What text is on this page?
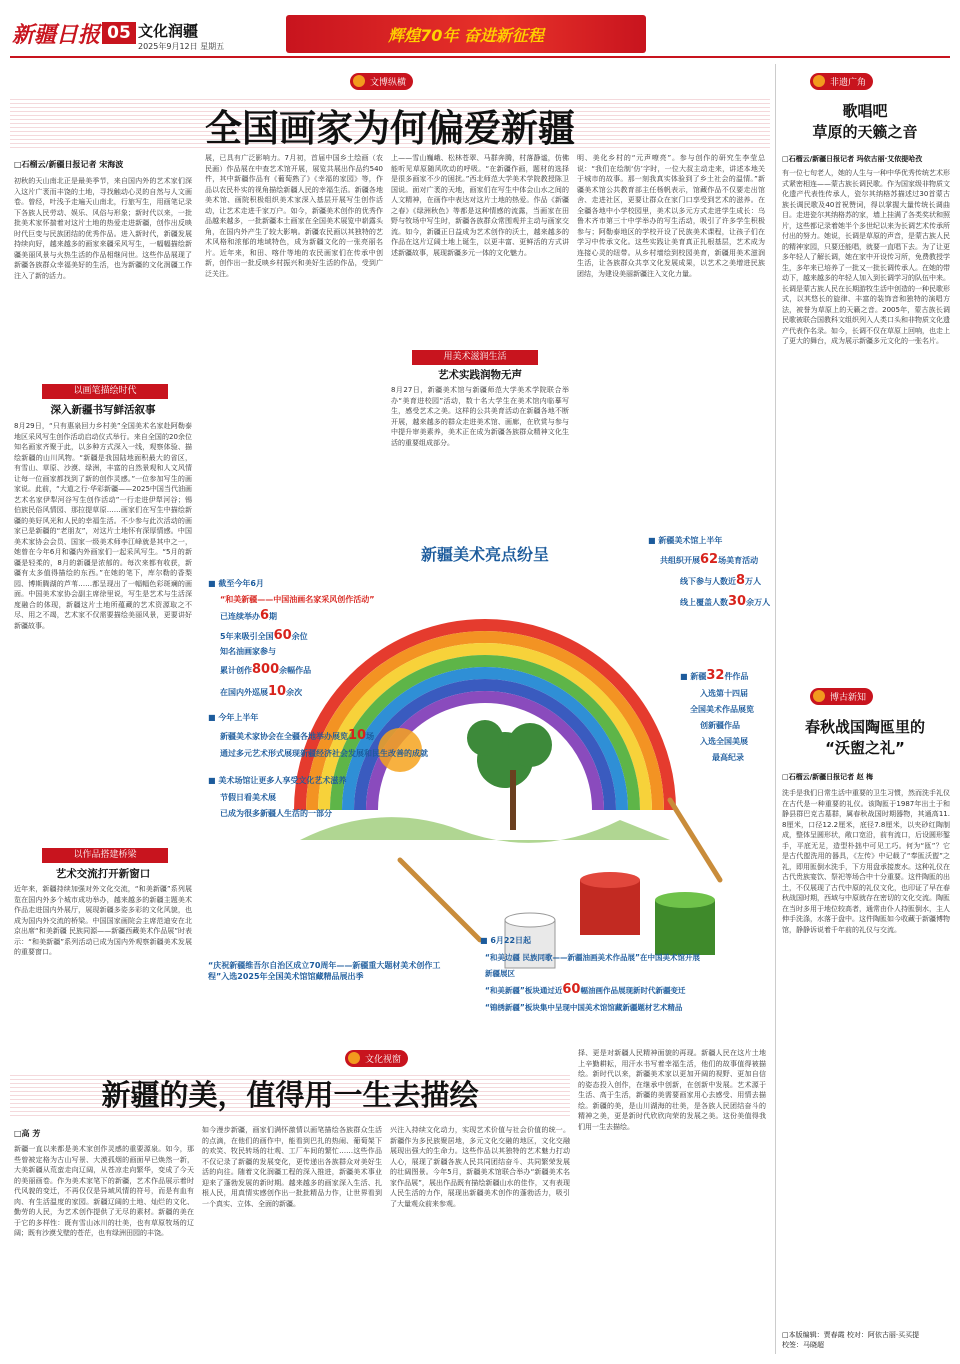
新疆日报 05 文化润疆
2025年9月12日 星期五
辉煌70年 奋进新征程
文博纵横
全国画家为何偏爱新疆
□石榴云/新疆日报记者 宋海波
初秋的天山南北正是最美季节，来自国内外的艺术家们深入这片广袤而丰饶的土地，寻找触动心灵的自然与人文画卷。曾经，叶浅予走遍天山南北，行旅写生，用画笔记录下各族人民劳动、娱乐、风俗与形象；新时代以来，一批批美术家怀揣着对这片土地的热爱走进新疆，创作出反映时代巨变与民族团结的优秀作品。进入新时代，新疆发展持续向好，越来越多的画家来疆采风写生，一幅幅描绘新疆美丽风景与火热生活的作品相继问世。这些作品展现了新疆各族群众幸福美好的生活，也为新疆的文化润疆工作注入了新的活力。
以画笔描绘时代
深入新疆书写鲜活叙事
8月29日，“只有惠泉回力乡村美”全国美术名家赴阿勒泰地区采风写生创作活动启动仪式举行。来自全国的20余位知名画家齐聚于此，以多种方式深入一线，观察体验、描绘新疆的山川风物。“新疆是我国陆地面积最大的省区，有雪山、草原、沙漠、绿洲，丰富的自然景观和人文风情让每一位画家都找到了新的创作灵感。”一位参加写生的画家说。此前，“大道之行·华彩新疆——2025中国当代油画艺术名家伊犁河谷写生创作活动”一行走进伊犁河谷；锡伯族民俗风情园、那拉提草原……画家们在写生中描绘新疆的美好风光和人民的幸福生活。不少参与此次活动的画家已是新疆的“老朋友”，对这片土地怀有深厚情感。中国美术家协会会员、国家一级美术师李江峰就是其中之一，她曾在今年6月和疆内外画家们一起采风写生。“5月的新疆是轻柔的，8月的新疆是浓郁的。每次来都有收获，新疆有太多值得描绘的东西。”在她的笔下，库尔勒的香梨园、博斯腾湖的芦苇……都呈现出了一幅幅色彩斑斓的画面。中国美术家协会副主席徐里说，写生是艺术与生活深度融合的体现，新疆这片土地所蕴藏的艺术资源取之不尽、用之不竭，艺术家不仅需要描绘美丽风景，更要讲好新疆故事。
以作品搭建桥梁
艺术交流打开新窗口
近年来，新疆持续加强对外文化交流，“和美新疆”系列展览在国内外多个城市成功举办，越来越多的新疆主题美术作品走进国内外展厅，展现新疆多姿多彩的文化风貌，也成为国内外交流的桥梁。中国国家画院会主席范迪安在北京出席“和美新疆 民族同源——新疆西藏美术作品展”时表示：“和美新疆”系列活动已成为国内外观察新疆美术发展的重要窗口。
展，已具有广泛影响力。7月初，首届中国乡土绘画（农民画）作品展在中查艺术馆开展，展览共展出作品约540件，其中新疆作品有《葡萄熟了》《幸福的家园》等，作品以农民朴实的视角描绘新疆人民的幸福生活。新疆各地美术馆、画院积极组织美术家深入基层开展写生创作活动，让艺术走进千家万户。如今，新疆美术创作的优秀作品越来越多，一批新疆本土画家在全国美术展览中崭露头角，在国内外产生了较大影响。新疆农民画以其独特的艺术风格和浓郁的地域特色，成为新疆文化的一张亮丽名片。近年来，和田、喀什等地的农民画家们在传承中创新，创作出一批反映乡村振兴和美好生活的作品，受到广泛关注。
上——雪山巍峨、松林苍翠、马群奔腾，村落静谧，仿佛能听见草原随风吹动的呼吸。“在新疆作画，题材的选择是很多画家不少的困扰。”西北师范大学美术学院教授陈卫国说。面对广袤的天地，画家们在写生中体会山水之间的人文精神，在画作中表达对这片土地的热爱。作品《新疆之春》《绿洲秋色》等都是这种情感的流露，当画家在田野与牧场中写生时，新疆各族群众常围观并主动与画家交流。如今，新疆正日益成为艺术创作的沃土，越来越多的作品在这片辽阔土地上诞生，以更丰富、更鲜活的方式讲述新疆故事，展现新疆多元一体的文化魅力。
用美术滋润生活
艺术实践润物无声
8月27日，新疆美术馆与新疆师范大学美术学院联合举办“美育进校园”活动，数十名大学生在美术馆内临摹写生，感受艺术之美。这样的公共美育活动在新疆各地不断开展，越来越多的群众走进美术馆、画廊，在欣赏与参与中提升审美素养，美术正在成为新疆各族群众精神文化生活的重要组成部分。
明、美化乡村的“元声嘹亮”。参与创作的研究生李莹总说：“我们在绘制‘仿’字时，一位大叔主动走来，讲述本地关于城市的故事。那一刻我真实体验到了乡土社会的温情。”新疆美术馆公共教育部主任杨帆表示，馆藏作品不仅要走出馆舍、走进社区，更要让群众在家门口享受到艺术的滋养。在全疆各地中小学校园里，美术以多元方式走进学生成长：乌鲁木齐市第三十中学举办的写生活动，吸引了许多学生积极参与；阿勒泰地区的学校开设了民族美术课程，让孩子们在学习中传承文化。这些实践让美育真正扎根基层，艺术成为连接心灵的纽带。从乡村墙绘到校园美育，新疆用美术滋润生活，让各族群众共享文化发展成果，以艺术之美增进民族团结，为建设美丽新疆注入文化力量。
新疆美术亮点纷呈
■ 截至今年6月
“和美新疆——中国油画名家采风创作活动”
已连续举办6期
5年来吸引全国60余位
知名油画家参与
累计创作800余幅作品
在国内外巡展10余次
■ 今年上半年
新疆美术家协会在全疆各地举办展览10场
通过多元艺术形式展现新疆经济社会发展和民生改善的成就
■ 美术场馆让更多人享受文化艺术滋养
节假日看美术展
已成为很多新疆人生活的一部分
“庆祝新疆维吾尔自治区成立70周年——新疆重大题材美术创作工程”入选2025年全国美术馆馆藏精品展出季
■ 新疆美术馆上半年
共组织开展62场美育活动
线下参与人数近8万人
线上覆盖人数30余万人
■ 新疆32件作品
入选第十四届
全国美术作品展览
创新疆作品
入选全国美展
最高纪录
■ 6月22日起
“和美边疆 民族同歌——新疆油画美术作品展”在中国美术馆开展
新疆展区
“和美新疆”板块通过近60幅油画作品展现新时代新疆变迁
“锦绣新疆”板块集中呈现中国美术馆馆藏新疆题材艺术精品
文化视窗
新疆的美，值得用一生去描绘
□高 芳
新疆一直以来都是美术家创作灵感的重要源泉。如今，那些曾被定格为古山写景、大漠孤烟的画面早已焕然一新，大美新疆从荒蛮走向辽阔，从苍凉走向繁华，变成了今天的美丽画卷。作为美术家笔下的新疆，艺术作品展示着时代风貌的变迁，不再仅仅是异域风情的符号，而是有血有肉、有生活温度的家园。新疆辽阔的土地、灿烂的文化、勤劳的人民，为艺术创作提供了无尽的素材。新疆的美在于它的多样性：既有雪山冰川的壮美，也有草原牧场的辽阔；既有沙漠戈壁的苍茫，也有绿洲田园的丰饶。
如今漫步新疆，画家们满怀激情以画笔描绘各族群众生活的点滴，在他们的画作中，能看到巴扎的热闹、葡萄架下的欢笑、牧民转场的壮观、工厂车间的繁忙……这些作品不仅记录了新疆的发展变化，更传递出各族群众对美好生活的向往。随着文化润疆工程的深入推进，新疆美术事业迎来了蓬勃发展的新时期。越来越多的画家深入生活、扎根人民，用真情实感创作出一批批精品力作，让世界看到一个真实、立体、全面的新疆。
兴注入持续文化动力，实现艺术价值与社会价值的统一。新疆作为多民族聚居地，多元文化交融的地区，文化交融展现出强大的生命力。这些作品以其独特的艺术魅力打动人心，展现了新疆各族人民共同团结奋斗、共同繁荣发展的壮阔图景。今年5月，新疆美术馆联合举办“新疆美术名家作品展”，展出作品既有描绘新疆山水的佳作，又有表现人民生活的力作，展现出新疆美术创作的蓬勃活力，吸引了大量观众前来参观。
择、更是对新疆人民精神面貌的再现。新疆人民在这片土地上辛勤耕耘，用汗水书写着幸福生活，他们的故事值得被描绘。新时代以来，新疆美术家以更加开阔的视野、更加自信的姿态投入创作，在继承中创新，在创新中发展。艺术源于生活、高于生活，新疆的美需要画家用心去感受、用情去描绘。新疆的美，是山川湖海的壮美，是各族人民团结奋斗的精神之美，更是新时代欣欣向荣的发展之美。这份美值得我们用一生去描绘。
非遗广角
歌唱吧
草原的天籁之音
□石榴云/新疆日报记者 玛依古丽·艾依提哈孜
有一位七旬老人，她的人生与一种中华优秀传统艺术形式紧密相连——蒙古族长调民歌。作为国家级非物质文化遗产代表性传承人，瓷尔其纳格苏描述过30首蒙古族长调民歌及40首祝赞词，得以掌握大量传统长调曲目。走进瓷尔其纳格苏的家，墙上挂满了各类奖状和照片，这些都记录着她半个多世纪以来为长调艺术传承所付出的努力。她说，长调是草原的声音，是蒙古族人民的精神家园，只要还能唱，就要一直唱下去。为了让更多年轻人了解长调，她在家中开设传习所，免费教授学生，多年来已培养了一批又一批长调传承人。在她的带动下，越来越多的年轻人加入到长调学习的队伍中来。长调是蒙古族人民在长期游牧生活中创造的一种民歌形式，以其悠长的旋律、丰富的装饰音和独特的演唱方法，被誉为草原上的天籁之音。2005年，蒙古族长调民歌被联合国教科文组织列入人类口头和非物质文化遗产代表作名录。如今，长调不仅在草原上回响，也走上了更大的舞台，成为展示新疆多元文化的一张名片。
博古新知
春秋战国陶匜里的
“沃盥之礼”
□石榴云/新疆日报记者 赵 梅
洗手是我们日常生活中重要的卫生习惯，然而洗手礼仪在古代是一种重要的礼仪。该陶匜于1987年出土于和静县群巴克古墓群，属春秋战国时期器物，其通高11.8厘米，口径12.2厘米，底径7.8厘米，以夹砂红陶制成，整体呈圆形状，敞口宽沿，前有流口，后设圆形錾手，平底无足，造型朴拙中可见工巧。何为“匜”？它是古代盥洗用的器具，《左传》中记载了“奉匜沃盥”之礼，即用匜倒水洗手，下方用盘承接废水。这种礼仪在古代贵族宴饮、祭祀等场合中十分重要。这件陶匜的出土，不仅展现了古代中原的礼仪文化，也印证了早在春秋战国时期，西域与中原就存在密切的文化交流。陶匜在当时多用于地位较高者，通常由仆人持匜倒水，主人伸手洗涤，水落于盘中。这件陶匜如今收藏于新疆博物馆，静静诉说着千年前的礼仪与交流。
□本版编辑：贾春霞 校对：阿依古丽·买买提
校签：马晓超
